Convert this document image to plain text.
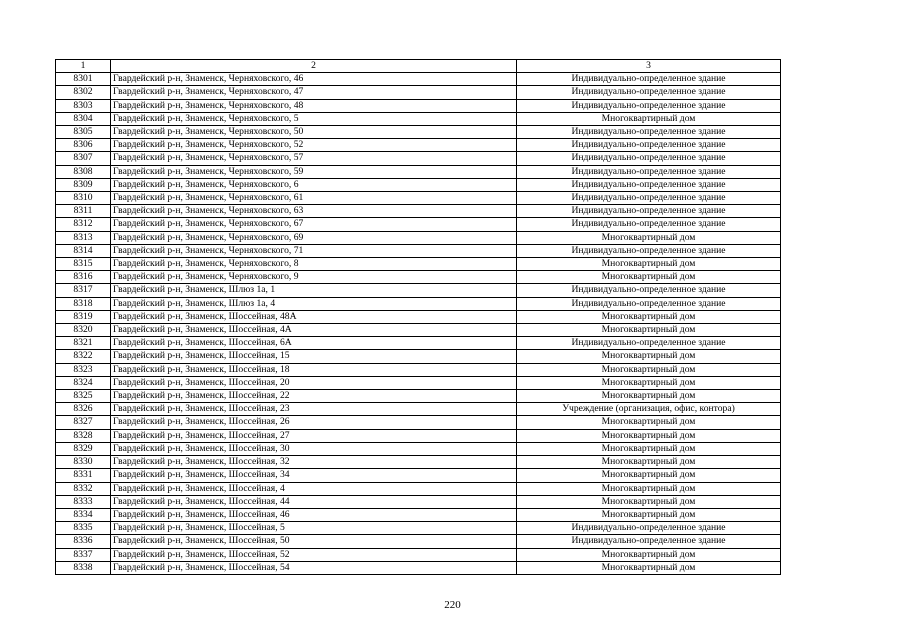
1	2	3
8301	Гвардейский р-н, Знаменск, Черняховского, 46	Индивидуально-определенное здание
8302	Гвардейский р-н, Знаменск, Черняховского, 47	Индивидуально-определенное здание
8303	Гвардейский р-н, Знаменск, Черняховского, 48	Индивидуально-определенное здание
8304	Гвардейский р-н, Знаменск, Черняховского, 5	Многоквартирный дом
8305	Гвардейский р-н, Знаменск, Черняховского, 50	Индивидуально-определенное здание
8306	Гвардейский р-н, Знаменск, Черняховского, 52	Индивидуально-определенное здание
8307	Гвардейский р-н, Знаменск, Черняховского, 57	Индивидуально-определенное здание
8308	Гвардейский р-н, Знаменск, Черняховского, 59	Индивидуально-определенное здание
8309	Гвардейский р-н, Знаменск, Черняховского, 6	Индивидуально-определенное здание
8310	Гвардейский р-н, Знаменск, Черняховского, 61	Индивидуально-определенное здание
8311	Гвардейский р-н, Знаменск, Черняховского, 63	Индивидуально-определенное здание
8312	Гвардейский р-н, Знаменск, Черняховского, 67	Индивидуально-определенное здание
8313	Гвардейский р-н, Знаменск, Черняховского, 69	Многоквартирный дом
8314	Гвардейский р-н, Знаменск, Черняховского, 71	Индивидуально-определенное здание
8315	Гвардейский р-н, Знаменск, Черняховского, 8	Многоквартирный дом
8316	Гвардейский р-н, Знаменск, Черняховского, 9	Многоквартирный дом
8317	Гвардейский р-н, Знаменск, Шлюз 1а, 1	Индивидуально-определенное здание
8318	Гвардейский р-н, Знаменск, Шлюз 1а, 4	Индивидуально-определенное здание
8319	Гвардейский р-н, Знаменск, Шоссейная, 48А	Многоквартирный дом
8320	Гвардейский р-н, Знаменск, Шоссейная, 4А	Многоквартирный дом
8321	Гвардейский р-н, Знаменск, Шоссейная, 6А	Индивидуально-определенное здание
8322	Гвардейский р-н, Знаменск, Шоссейная, 15	Многоквартирный дом
8323	Гвардейский р-н, Знаменск, Шоссейная, 18	Многоквартирный дом
8324	Гвардейский р-н, Знаменск, Шоссейная, 20	Многоквартирный дом
8325	Гвардейский р-н, Знаменск, Шоссейная, 22	Многоквартирный дом
8326	Гвардейский р-н, Знаменск, Шоссейная, 23	Учреждение (организация, офис, контора)
8327	Гвардейский р-н, Знаменск, Шоссейная, 26	Многоквартирный дом
8328	Гвардейский р-н, Знаменск, Шоссейная, 27	Многоквартирный дом
8329	Гвардейский р-н, Знаменск, Шоссейная, 30	Многоквартирный дом
8330	Гвардейский р-н, Знаменск, Шоссейная, 32	Многоквартирный дом
8331	Гвардейский р-н, Знаменск, Шоссейная, 34	Многоквартирный дом
8332	Гвардейский р-н, Знаменск, Шоссейная, 4	Многоквартирный дом
8333	Гвардейский р-н, Знаменск, Шоссейная, 44	Многоквартирный дом
8334	Гвардейский р-н, Знаменск, Шоссейная, 46	Многоквартирный дом
8335	Гвардейский р-н, Знаменск, Шоссейная, 5	Индивидуально-определенное здание
8336	Гвардейский р-н, Знаменск, Шоссейная, 50	Индивидуально-определенное здание
8337	Гвардейский р-н, Знаменск, Шоссейная, 52	Многоквартирный дом
8338	Гвардейский р-н, Знаменск, Шоссейная, 54	Многоквартирный дом
220
